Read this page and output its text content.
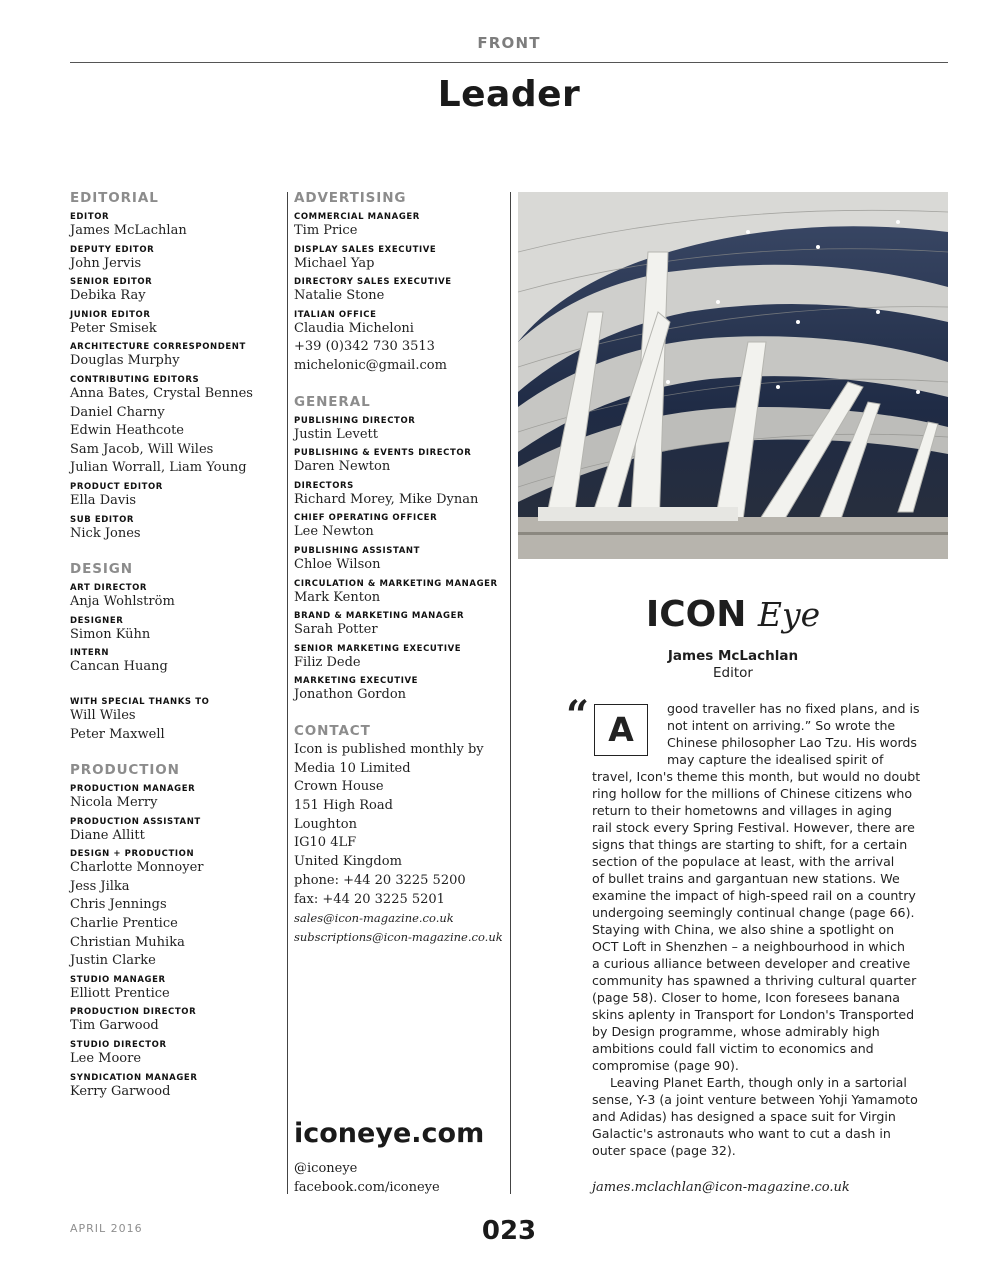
FRONT
Leader
EDITORIAL
EDITOR
James McLachlan
DEPUTY EDITOR
John Jervis
SENIOR EDITOR
Debika Ray
JUNIOR EDITOR
Peter Smisek
ARCHITECTURE CORRESPONDENT
Douglas Murphy
CONTRIBUTING EDITORS
Anna Bates, Crystal Bennes
Daniel Charny
Edwin Heathcote
Sam Jacob, Will Wiles
Julian Worrall, Liam Young
PRODUCT EDITOR
Ella Davis
SUB EDITOR
Nick Jones
DESIGN
ART DIRECTOR
Anja Wohlström
DESIGNER
Simon Kühn
INTERN
Cancan Huang
WITH SPECIAL THANKS TO
Will Wiles
Peter Maxwell
PRODUCTION
PRODUCTION MANAGER
Nicola Merry
PRODUCTION ASSISTANT
Diane Allitt
DESIGN + PRODUCTION
Charlotte Monnoyer
Jess Jilka
Chris Jennings
Charlie Prentice
Christian Muhika
Justin Clarke
STUDIO MANAGER
Elliott Prentice
PRODUCTION DIRECTOR
Tim Garwood
STUDIO DIRECTOR
Lee Moore
SYNDICATION MANAGER
Kerry Garwood
ADVERTISING
COMMERCIAL MANAGER
Tim Price
DISPLAY SALES EXECUTIVE
Michael Yap
DIRECTORY SALES EXECUTIVE
Natalie Stone
ITALIAN OFFICE
Claudia Micheloni
+39 (0)342 730 3513
michelonic@gmail.com
GENERAL
PUBLISHING DIRECTOR
Justin Levett
PUBLISHING & EVENTS DIRECTOR
Daren Newton
DIRECTORS
Richard Morey, Mike Dynan
CHIEF OPERATING OFFICER
Lee Newton
PUBLISHING ASSISTANT
Chloe Wilson
CIRCULATION & MARKETING MANAGER
Mark Kenton
BRAND & MARKETING MANAGER
Sarah Potter
SENIOR MARKETING EXECUTIVE
Filiz Dede
MARKETING EXECUTIVE
Jonathon Gordon
CONTACT
Icon is published monthly by
Media 10 Limited
Crown House
151 High Road
Loughton
IG10 4LF
United Kingdom
phone: +44 20 3225 5200
fax: +44 20 3225 5201
sales@icon-magazine.co.uk
subscriptions@icon-magazine.co.uk
iconeye.com
@iconeye
facebook.com/iconeye
ICON Eye
James McLachlan
Editor
“ A
good traveller has no fixed plans, and is
not intent on arriving.” So wrote the
Chinese philosopher Lao Tzu. His words
may capture the idealised spirit of
travel, Icon's theme this month, but would no doubt
ring hollow for the millions of Chinese citizens who
return to their hometowns and villages in aging
rail stock every Spring Festival. However, there are
signs that things are starting to shift, for a certain
section of the populace at least, with the arrival
of bullet trains and gargantuan new stations. We
examine the impact of high-speed rail on a country
undergoing seemingly continual change (page 66).
Staying with China, we also shine a spotlight on
OCT Loft in Shenzhen – a neighbourhood in which
a curious alliance between developer and creative
community has spawned a thriving cultural quarter
(page 58). Closer to home, Icon foresees banana
skins aplenty in Transport for London's Transported
by Design programme, whose admirably high
ambitions could fall victim to economics and
compromise (page 90).
Leaving Planet Earth, though only in a sartorial
sense, Y-3 (a joint venture between Yohji Yamamoto
and Adidas) has designed a space suit for Virgin
Galactic's astronauts who want to cut a dash in
outer space (page 32).
james.mclachlan@icon-magazine.co.uk
APRIL 2016	023
